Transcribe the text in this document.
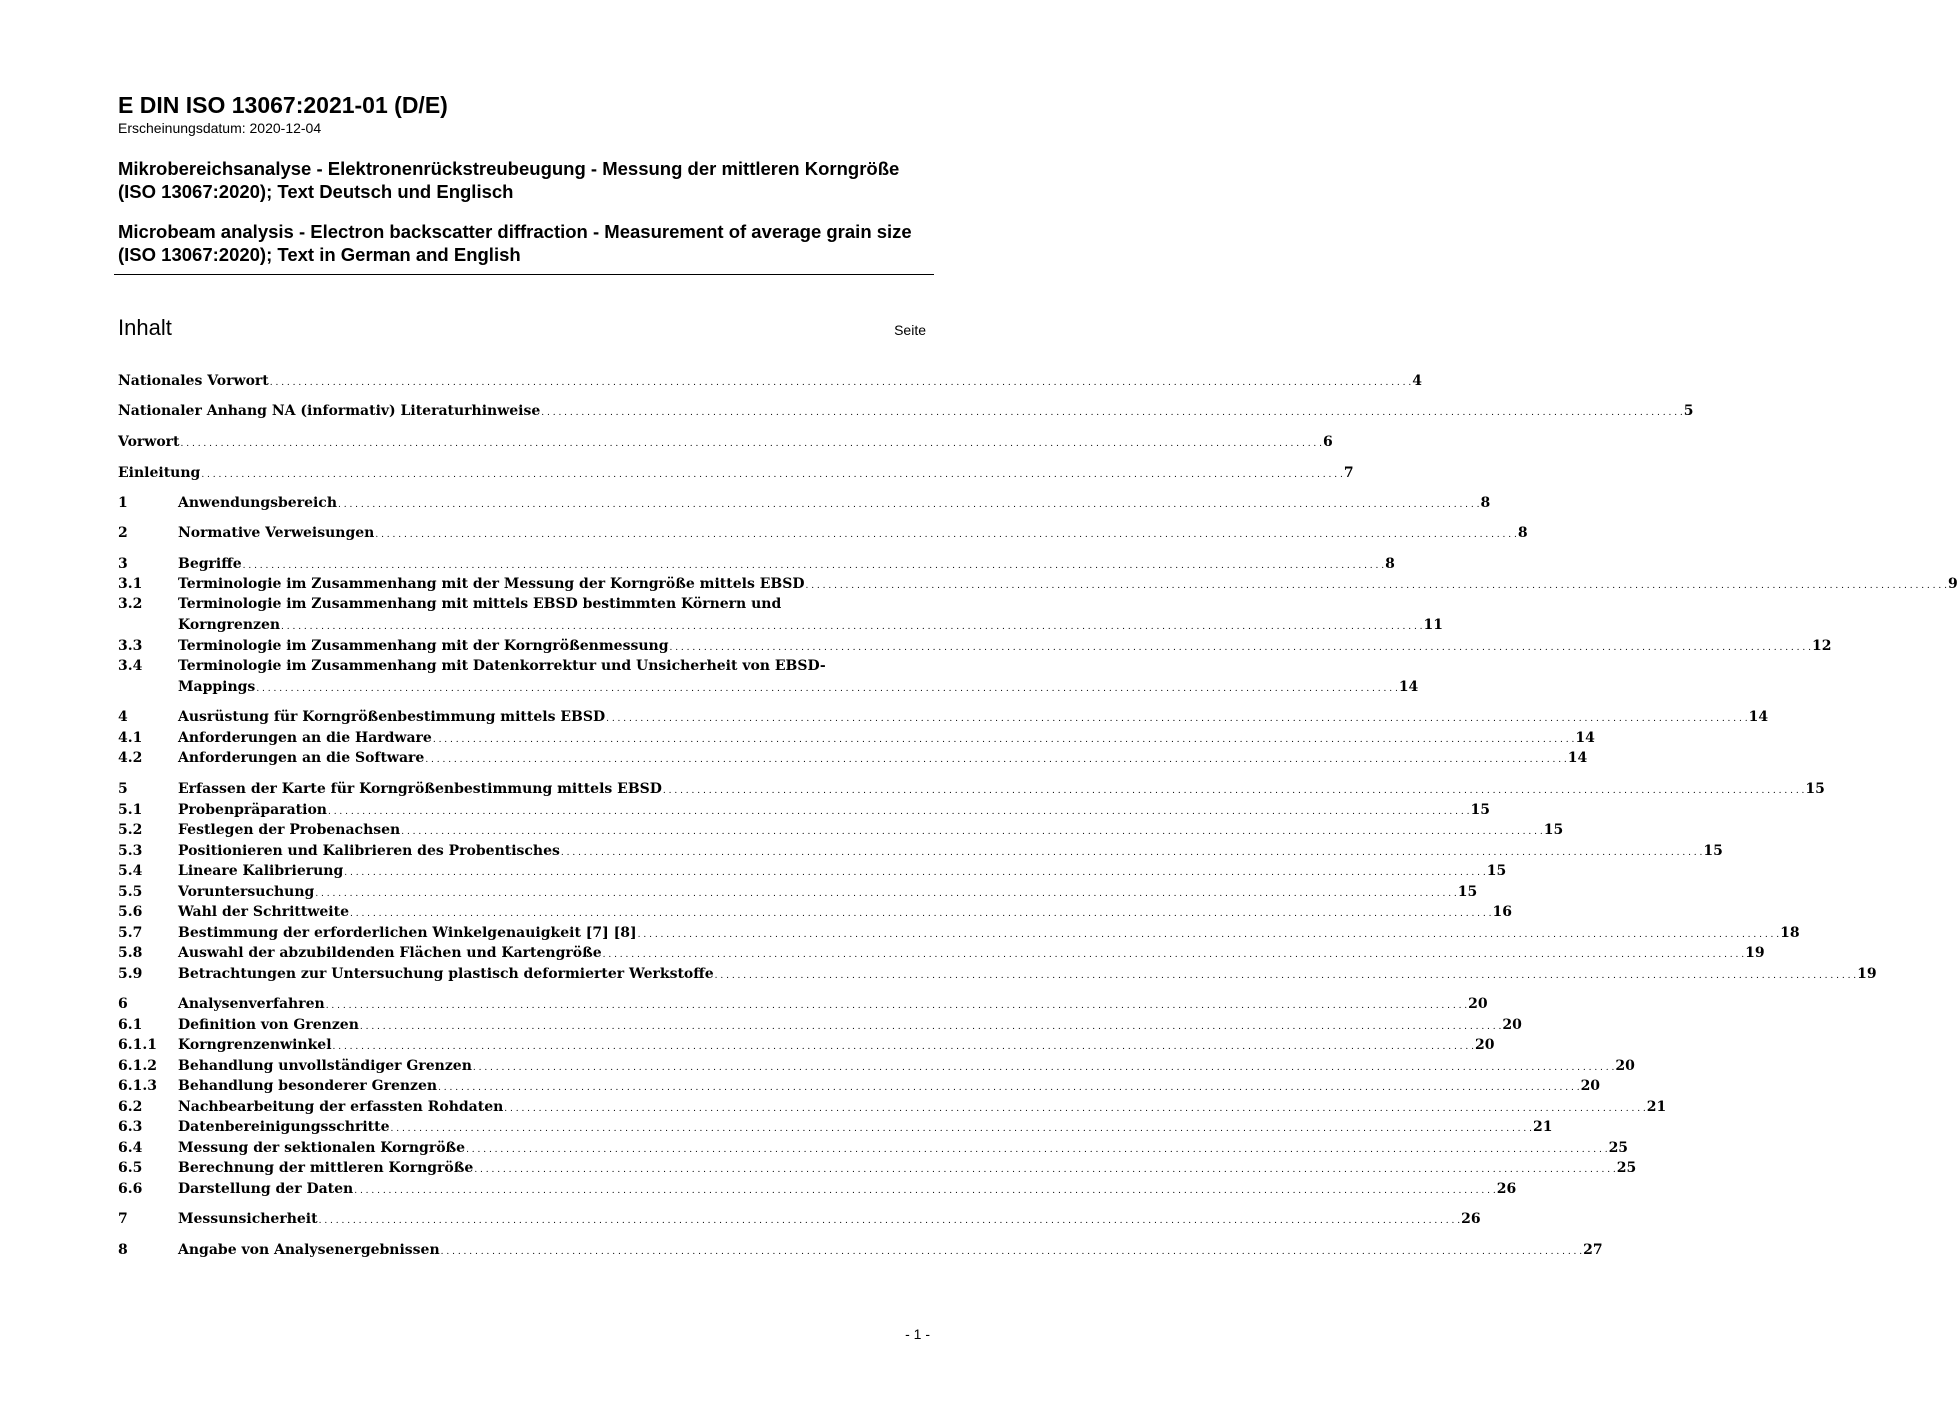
E DIN ISO 13067:2021-01 (D/E)

Erscheinungsdatum: 2020-12-04

Mikrobereichsanalyse - Elektronenrückstreubeugung - Messung der mittleren Korngröße (ISO 13067:2020); Text Deutsch und Englisch

Microbeam analysis - Electron backscatter diffraction - Measurement of average grain size (ISO 13067:2020); Text in German and English

Inhalt	Seite
Nationales Vorwort . . . . . . . . . . . . . . . . . . . . . . . . . . . . . . . . . . . . . . . . . . . . . . . . . . . . . . . . . . . . . . . . . . . . . . . . . . . . . . . . . . . . . . . . . . . . . . . . . . . . . . . . . . . . . . . . . . . . . . . . . . . . . . . . . . . . . . . . . . . . . . . . . . . . . . . . . . . . . . . . . . . . . . . . . . . . . . . . . . . . . . . . . . . . . . . . . . . . . . . . 4
Nationaler Anhang NA (informativ) Literaturhinweise . . . . . . . . . . . . . . . . . . . . . . . . . . . . . . . . . . . . . . . . . . . . . . . . . . . . . . . . . . . . . . . . . . . . . . . . . . . . . . . . . . . . . . . . . . . . . . . . . . . . . . . . . . . . . . . . . . . . . . . . . . . . . . . . . . . . . . . . . . . . . . . . . . . . . . . . . . . . . . . . . . . . . . . . . . . . . . . . . . . . . . . . . . . . . . . . . . . . . . . . 5
Vorwort . . . . . . . . . . . . . . . . . . . . . . . . . . . . . . . . . . . . . . . . . . . . . . . . . . . . . . . . . . . . . . . . . . . . . . . . . . . . . . . . . . . . . . . . . . . . . . . . . . . . . . . . . . . . . . . . . . . . . . . . . . . . . . . . . . . . . . . . . . . . . . . . . . . . . . . . . . . . . . . . . . . . . . . . . . . . . . . . . . . . . . . . . . . . . . . . . . . . . . . . 6
Einleitung . . . . . . . . . . . . . . . . . . . . . . . . . . . . . . . . . . . . . . . . . . . . . . . . . . . . . . . . . . . . . . . . . . . . . . . . . . . . . . . . . . . . . . . . . . . . . . . . . . . . . . . . . . . . . . . . . . . . . . . . . . . . . . . . . . . . . . . . . . . . . . . . . . . . . . . . . . . . . . . . . . . . . . . . . . . . . . . . . . . . . . . . . . . . . . . . . . . . . . . . 7
1	Anwendungsbereich . . . . . . . . . . . . . . . . . . . . . . . . . . . . . . . . . . . . . . . . . . . . . . . . . . . . . . . . . . . . . . . . . . . . . . . . . . . . . . . . . . . . . . . . . . . . . . . . . . . . . . . . . . . . . . . . . . . . . . . . . . . . . . . . . . . . . . . . . . . . . . . . . . . . . . . . . . . . . . . . . . . . . . . . . . . . . . . . . . . . . . . . . . . . . . . . . . . . . . . . 8
2	Normative Verweisungen . . . . . . . . . . . . . . . . . . . . . . . . . . . . . . . . . . . . . . . . . . . . . . . . . . . . . . . . . . . . . . . . . . . . . . . . . . . . . . . . . . . . . . . . . . . . . . . . . . . . . . . . . . . . . . . . . . . . . . . . . . . . . . . . . . . . . . . . . . . . . . . . . . . . . . . . . . . . . . . . . . . . . . . . . . . . . . . . . . . . . . . . . . . . . . . . . . . . . . . . 8
3	Begriffe . . . . . . . . . . . . . . . . . . . . . . . . . . . . . . . . . . . . . . . . . . . . . . . . . . . . . . . . . . . . . . . . . . . . . . . . . . . . . . . . . . . . . . . . . . . . . . . . . . . . . . . . . . . . . . . . . . . . . . . . . . . . . . . . . . . . . . . . . . . . . . . . . . . . . . . . . . . . . . . . . . . . . . . . . . . . . . . . . . . . . . . . . . . . . . . . . . . . . . . . 8
3.1	Terminologie im Zusammenhang mit der Messung der Korngröße mittels EBSD . . . . . . . . . . . . . . . . . . . . . . . . . . . . . . . . . . . . . . . . . . . . . . . . . . . . . . . . . . . . . . . . . . . . . . . . . . . . . . . . . . . . . . . . . . . . . . . . . . . . . . . . . . . . . . . . . . . . . . . . . . . . . . . . . . . . . . . . . . . . . . . . . . . . . . . . . . . . . . . . . . . . . . . . . . . . . . . . . . . . . . . . . . . . . . . . . . . . . . . . 9
3.2	Terminologie im Zusammenhang mit mittels EBSD bestimmten Körnern und
Korngrenzen . . . . . . . . . . . . . . . . . . . . . . . . . . . . . . . . . . . . . . . . . . . . . . . . . . . . . . . . . . . . . . . . . . . . . . . . . . . . . . . . . . . . . . . . . . . . . . . . . . . . . . . . . . . . . . . . . . . . . . . . . . . . . . . . . . . . . . . . . . . . . . . . . . . . . . . . . . . . . . . . . . . . . . . . . . . . . . . . . . . . . . . . . . . . . . . . . . . . . . . . 11
3.3	Terminologie im Zusammenhang mit der Korngrößenmessung . . . . . . . . . . . . . . . . . . . . . . . . . . . . . . . . . . . . . . . . . . . . . . . . . . . . . . . . . . . . . . . . . . . . . . . . . . . . . . . . . . . . . . . . . . . . . . . . . . . . . . . . . . . . . . . . . . . . . . . . . . . . . . . . . . . . . . . . . . . . . . . . . . . . . . . . . . . . . . . . . . . . . . . . . . . . . . . . . . . . . . . . . . . . . . . . . . . . . . . . 12
3.4	Terminologie im Zusammenhang mit Datenkorrektur und Unsicherheit von EBSD-
Mappings . . . . . . . . . . . . . . . . . . . . . . . . . . . . . . . . . . . . . . . . . . . . . . . . . . . . . . . . . . . . . . . . . . . . . . . . . . . . . . . . . . . . . . . . . . . . . . . . . . . . . . . . . . . . . . . . . . . . . . . . . . . . . . . . . . . . . . . . . . . . . . . . . . . . . . . . . . . . . . . . . . . . . . . . . . . . . . . . . . . . . . . . . . . . . . . . . . . . . . . . 14
4	Ausrüstung für Korngrößenbestimmung mittels EBSD . . . . . . . . . . . . . . . . . . . . . . . . . . . . . . . . . . . . . . . . . . . . . . . . . . . . . . . . . . . . . . . . . . . . . . . . . . . . . . . . . . . . . . . . . . . . . . . . . . . . . . . . . . . . . . . . . . . . . . . . . . . . . . . . . . . . . . . . . . . . . . . . . . . . . . . . . . . . . . . . . . . . . . . . . . . . . . . . . . . . . . . . . . . . . . . . . . . . . . . . 14
4.1	Anforderungen an die Hardware . . . . . . . . . . . . . . . . . . . . . . . . . . . . . . . . . . . . . . . . . . . . . . . . . . . . . . . . . . . . . . . . . . . . . . . . . . . . . . . . . . . . . . . . . . . . . . . . . . . . . . . . . . . . . . . . . . . . . . . . . . . . . . . . . . . . . . . . . . . . . . . . . . . . . . . . . . . . . . . . . . . . . . . . . . . . . . . . . . . . . . . . . . . . . . . . . . . . . . . . 14
4.2	Anforderungen an die Software . . . . . . . . . . . . . . . . . . . . . . . . . . . . . . . . . . . . . . . . . . . . . . . . . . . . . . . . . . . . . . . . . . . . . . . . . . . . . . . . . . . . . . . . . . . . . . . . . . . . . . . . . . . . . . . . . . . . . . . . . . . . . . . . . . . . . . . . . . . . . . . . . . . . . . . . . . . . . . . . . . . . . . . . . . . . . . . . . . . . . . . . . . . . . . . . . . . . . . . . 14
5	Erfassen der Karte für Korngrößenbestimmung mittels EBSD . . . . . . . . . . . . . . . . . . . . . . . . . . . . . . . . . . . . . . . . . . . . . . . . . . . . . . . . . . . . . . . . . . . . . . . . . . . . . . . . . . . . . . . . . . . . . . . . . . . . . . . . . . . . . . . . . . . . . . . . . . . . . . . . . . . . . . . . . . . . . . . . . . . . . . . . . . . . . . . . . . . . . . . . . . . . . . . . . . . . . . . . . . . . . . . . . . . . . . . . 15
5.1	Probenpräparation . . . . . . . . . . . . . . . . . . . . . . . . . . . . . . . . . . . . . . . . . . . . . . . . . . . . . . . . . . . . . . . . . . . . . . . . . . . . . . . . . . . . . . . . . . . . . . . . . . . . . . . . . . . . . . . . . . . . . . . . . . . . . . . . . . . . . . . . . . . . . . . . . . . . . . . . . . . . . . . . . . . . . . . . . . . . . . . . . . . . . . . . . . . . . . . . . . . . . . . . 15
5.2	Festlegen der Probenachsen . . . . . . . . . . . . . . . . . . . . . . . . . . . . . . . . . . . . . . . . . . . . . . . . . . . . . . . . . . . . . . . . . . . . . . . . . . . . . . . . . . . . . . . . . . . . . . . . . . . . . . . . . . . . . . . . . . . . . . . . . . . . . . . . . . . . . . . . . . . . . . . . . . . . . . . . . . . . . . . . . . . . . . . . . . . . . . . . . . . . . . . . . . . . . . . . . . . . . . . . 15
5.3	Positionieren und Kalibrieren des Probentisches . . . . . . . . . . . . . . . . . . . . . . . . . . . . . . . . . . . . . . . . . . . . . . . . . . . . . . . . . . . . . . . . . . . . . . . . . . . . . . . . . . . . . . . . . . . . . . . . . . . . . . . . . . . . . . . . . . . . . . . . . . . . . . . . . . . . . . . . . . . . . . . . . . . . . . . . . . . . . . . . . . . . . . . . . . . . . . . . . . . . . . . . . . . . . . . . . . . . . . . . 15
5.4	Lineare Kalibrierung . . . . . . . . . . . . . . . . . . . . . . . . . . . . . . . . . . . . . . . . . . . . . . . . . . . . . . . . . . . . . . . . . . . . . . . . . . . . . . . . . . . . . . . . . . . . . . . . . . . . . . . . . . . . . . . . . . . . . . . . . . . . . . . . . . . . . . . . . . . . . . . . . . . . . . . . . . . . . . . . . . . . . . . . . . . . . . . . . . . . . . . . . . . . . . . . . . . . . . . . 15
5.5	Voruntersuchung . . . . . . . . . . . . . . . . . . . . . . . . . . . . . . . . . . . . . . . . . . . . . . . . . . . . . . . . . . . . . . . . . . . . . . . . . . . . . . . . . . . . . . . . . . . . . . . . . . . . . . . . . . . . . . . . . . . . . . . . . . . . . . . . . . . . . . . . . . . . . . . . . . . . . . . . . . . . . . . . . . . . . . . . . . . . . . . . . . . . . . . . . . . . . . . . . . . . . . . . 15
5.6	Wahl der Schrittweite . . . . . . . . . . . . . . . . . . . . . . . . . . . . . . . . . . . . . . . . . . . . . . . . . . . . . . . . . . . . . . . . . . . . . . . . . . . . . . . . . . . . . . . . . . . . . . . . . . . . . . . . . . . . . . . . . . . . . . . . . . . . . . . . . . . . . . . . . . . . . . . . . . . . . . . . . . . . . . . . . . . . . . . . . . . . . . . . . . . . . . . . . . . . . . . . . . . . . . . . 16
5.7	Bestimmung der erforderlichen Winkelgenauigkeit [7] [8] . . . . . . . . . . . . . . . . . . . . . . . . . . . . . . . . . . . . . . . . . . . . . . . . . . . . . . . . . . . . . . . . . . . . . . . . . . . . . . . . . . . . . . . . . . . . . . . . . . . . . . . . . . . . . . . . . . . . . . . . . . . . . . . . . . . . . . . . . . . . . . . . . . . . . . . . . . . . . . . . . . . . . . . . . . . . . . . . . . . . . . . . . . . . . . . . . . . . . . . . 18
5.8	Auswahl der abzubildenden Flächen und Kartengröße . . . . . . . . . . . . . . . . . . . . . . . . . . . . . . . . . . . . . . . . . . . . . . . . . . . . . . . . . . . . . . . . . . . . . . . . . . . . . . . . . . . . . . . . . . . . . . . . . . . . . . . . . . . . . . . . . . . . . . . . . . . . . . . . . . . . . . . . . . . . . . . . . . . . . . . . . . . . . . . . . . . . . . . . . . . . . . . . . . . . . . . . . . . . . . . . . . . . . . . . 19
5.9	Betrachtungen zur Untersuchung plastisch deformierter Werkstoffe . . . . . . . . . . . . . . . . . . . . . . . . . . . . . . . . . . . . . . . . . . . . . . . . . . . . . . . . . . . . . . . . . . . . . . . . . . . . . . . . . . . . . . . . . . . . . . . . . . . . . . . . . . . . . . . . . . . . . . . . . . . . . . . . . . . . . . . . . . . . . . . . . . . . . . . . . . . . . . . . . . . . . . . . . . . . . . . . . . . . . . . . . . . . . . . . . . . . . . . . 19
6	Analysenverfahren . . . . . . . . . . . . . . . . . . . . . . . . . . . . . . . . . . . . . . . . . . . . . . . . . . . . . . . . . . . . . . . . . . . . . . . . . . . . . . . . . . . . . . . . . . . . . . . . . . . . . . . . . . . . . . . . . . . . . . . . . . . . . . . . . . . . . . . . . . . . . . . . . . . . . . . . . . . . . . . . . . . . . . . . . . . . . . . . . . . . . . . . . . . . . . . . . . . . . . . . 20
6.1	Definition von Grenzen . . . . . . . . . . . . . . . . . . . . . . . . . . . . . . . . . . . . . . . . . . . . . . . . . . . . . . . . . . . . . . . . . . . . . . . . . . . . . . . . . . . . . . . . . . . . . . . . . . . . . . . . . . . . . . . . . . . . . . . . . . . . . . . . . . . . . . . . . . . . . . . . . . . . . . . . . . . . . . . . . . . . . . . . . . . . . . . . . . . . . . . . . . . . . . . . . . . . . . . . 20
6.1.1 Korngrenzenwinkel . . . . . . . . . . . . . . . . . . . . . . . . . . . . . . . . . . . . . . . . . . . . . . . . . . . . . . . . . . . . . . . . . . . . . . . . . . . . . . . . . . . . . . . . . . . . . . . . . . . . . . . . . . . . . . . . . . . . . . . . . . . . . . . . . . . . . . . . . . . . . . . . . . . . . . . . . . . . . . . . . . . . . . . . . . . . . . . . . . . . . . . . . . . . . . . . . . . . . . . . 20
6.1.2 Behandlung unvollständiger Grenzen . . . . . . . . . . . . . . . . . . . . . . . . . . . . . . . . . . . . . . . . . . . . . . . . . . . . . . . . . . . . . . . . . . . . . . . . . . . . . . . . . . . . . . . . . . . . . . . . . . . . . . . . . . . . . . . . . . . . . . . . . . . . . . . . . . . . . . . . . . . . . . . . . . . . . . . . . . . . . . . . . . . . . . . . . . . . . . . . . . . . . . . . . . . . . . . . . . . . . . . . 20
6.1.3 Behandlung besonderer Grenzen . . . . . . . . . . . . . . . . . . . . . . . . . . . . . . . . . . . . . . . . . . . . . . . . . . . . . . . . . . . . . . . . . . . . . . . . . . . . . . . . . . . . . . . . . . . . . . . . . . . . . . . . . . . . . . . . . . . . . . . . . . . . . . . . . . . . . . . . . . . . . . . . . . . . . . . . . . . . . . . . . . . . . . . . . . . . . . . . . . . . . . . . . . . . . . . . . . . . . . . . 20
6.2	Nachbearbeitung der erfassten Rohdaten . . . . . . . . . . . . . . . . . . . . . . . . . . . . . . . . . . . . . . . . . . . . . . . . . . . . . . . . . . . . . . . . . . . . . . . . . . . . . . . . . . . . . . . . . . . . . . . . . . . . . . . . . . . . . . . . . . . . . . . . . . . . . . . . . . . . . . . . . . . . . . . . . . . . . . . . . . . . . . . . . . . . . . . . . . . . . . . . . . . . . . . . . . . . . . . . . . . . . . . . 21
6.3	Datenbereinigungsschritte . . . . . . . . . . . . . . . . . . . . . . . . . . . . . . . . . . . . . . . . . . . . . . . . . . . . . . . . . . . . . . . . . . . . . . . . . . . . . . . . . . . . . . . . . . . . . . . . . . . . . . . . . . . . . . . . . . . . . . . . . . . . . . . . . . . . . . . . . . . . . . . . . . . . . . . . . . . . . . . . . . . . . . . . . . . . . . . . . . . . . . . . . . . . . . . . . . . . . . . . 21
6.4	Messung der sektionalen Korngröße . . . . . . . . . . . . . . . . . . . . . . . . . . . . . . . . . . . . . . . . . . . . . . . . . . . . . . . . . . . . . . . . . . . . . . . . . . . . . . . . . . . . . . . . . . . . . . . . . . . . . . . . . . . . . . . . . . . . . . . . . . . . . . . . . . . . . . . . . . . . . . . . . . . . . . . . . . . . . . . . . . . . . . . . . . . . . . . . . . . . . . . . . . . . . . . . . . . . . . . . 25
6.5	Berechnung der mittleren Korngröße . . . . . . . . . . . . . . . . . . . . . . . . . . . . . . . . . . . . . . . . . . . . . . . . . . . . . . . . . . . . . . . . . . . . . . . . . . . . . . . . . . . . . . . . . . . . . . . . . . . . . . . . . . . . . . . . . . . . . . . . . . . . . . . . . . . . . . . . . . . . . . . . . . . . . . . . . . . . . . . . . . . . . . . . . . . . . . . . . . . . . . . . . . . . . . . . . . . . . . . . 25
6.6	Darstellung der Daten . . . . . . . . . . . . . . . . . . . . . . . . . . . . . . . . . . . . . . . . . . . . . . . . . . . . . . . . . . . . . . . . . . . . . . . . . . . . . . . . . . . . . . . . . . . . . . . . . . . . . . . . . . . . . . . . . . . . . . . . . . . . . . . . . . . . . . . . . . . . . . . . . . . . . . . . . . . . . . . . . . . . . . . . . . . . . . . . . . . . . . . . . . . . . . . . . . . . . . . . 26
7	Messunsicherheit . . . . . . . . . . . . . . . . . . . . . . . . . . . . . . . . . . . . . . . . . . . . . . . . . . . . . . . . . . . . . . . . . . . . . . . . . . . . . . . . . . . . . . . . . . . . . . . . . . . . . . . . . . . . . . . . . . . . . . . . . . . . . . . . . . . . . . . . . . . . . . . . . . . . . . . . . . . . . . . . . . . . . . . . . . . . . . . . . . . . . . . . . . . . . . . . . . . . . . . . 26
8	Angabe von Analysenergebnissen . . . . . . . . . . . . . . . . . . . . . . . . . . . . . . . . . . . . . . . . . . . . . . . . . . . . . . . . . . . . . . . . . . . . . . . . . . . . . . . . . . . . . . . . . . . . . . . . . . . . . . . . . . . . . . . . . . . . . . . . . . . . . . . . . . . . . . . . . . . . . . . . . . . . . . . . . . . . . . . . . . . . . . . . . . . . . . . . . . . . . . . . . . . . . . . . . . . . . . . . 27
- 1 -
